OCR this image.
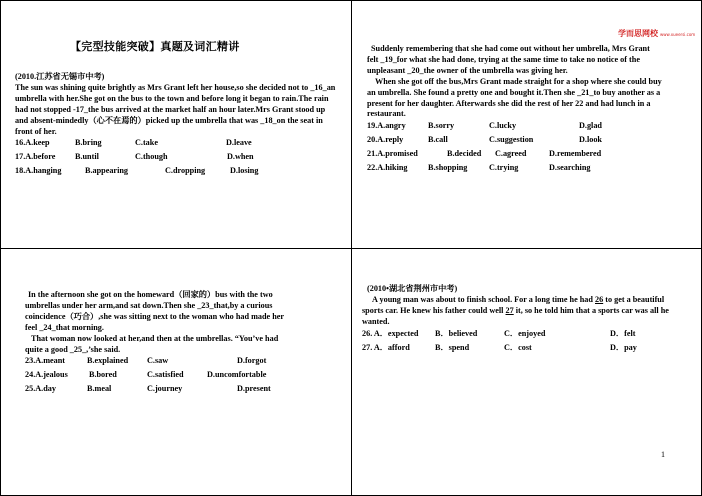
【完型技能突破】真题及词汇精讲
学而思网校 www.xueersi.com

(2010.江苏省无锡市中考)

The sun was shining quite brightly as Mrs Grant left her house,so she decided not to _16_an umbrella with her.She got on the bus to the town and before long it began to rain.The rain had not stopped -17_the bus arrived at the market half an hour later.Mrs Grant stood up and absent-mindedly（心不在焉的）picked up the umbrella that was _18_on the seat in front of her.

16.A.keep	B.bring	C.take	D.leave
17.A.before B.until	C.though	D.when
18.A.hanging	B.appearing	C.dropping	D.losing

Suddenly remembering that she had come out without her umbrella, Mrs Grant felt _19_for what she had done, trying at the same time to take no notice of the unpleasant _20_the owner of the umbrella was giving her.

When she got off the bus,Mrs Grant made straight for a shop where she could buy an umbrella. She found a pretty one and bought it.Then she _21_to buy another as a present for her daughter. Afterwards she did the rest of her 22 and had lunch in a restaurant.

19.A.angry	B.sorry	C.lucky	D.glad
20.A.reply	B.call	C.suggestion	D.look
21.A.promised	B.decided C.agreed	D.remembered
22.A.hiking	B.shopping	C.trying	D.searching

In the afternoon she got on the homeward（回家的）bus with the two umbrellas under her arm,and sat down.Then she _23_that,by a curious coincidence（巧合）,she was sitting next to the woman who had made her feel _24_that morning.

That woman now looked at her,and then at the umbrellas. “You’ve had quite a good _25_,’she said.

23.A.meant	B.explained C.saw	D.forgot
24.A.jealous	B.bored	C.satisfied	D.uncomfortable
25.A.day	B.meal	C.journey	D.present

(2010•湖北省荆州市中考)

A young man was about to finish school. For a long time he had 26 to get a beautiful sports car. He knew his father could well 27 it, so he told him that a sports car was all he wanted.

26. A．expected B．believed	C．enjoyed	D．felt
27. A．afford	B．spend	C．cost	D．pay
1
